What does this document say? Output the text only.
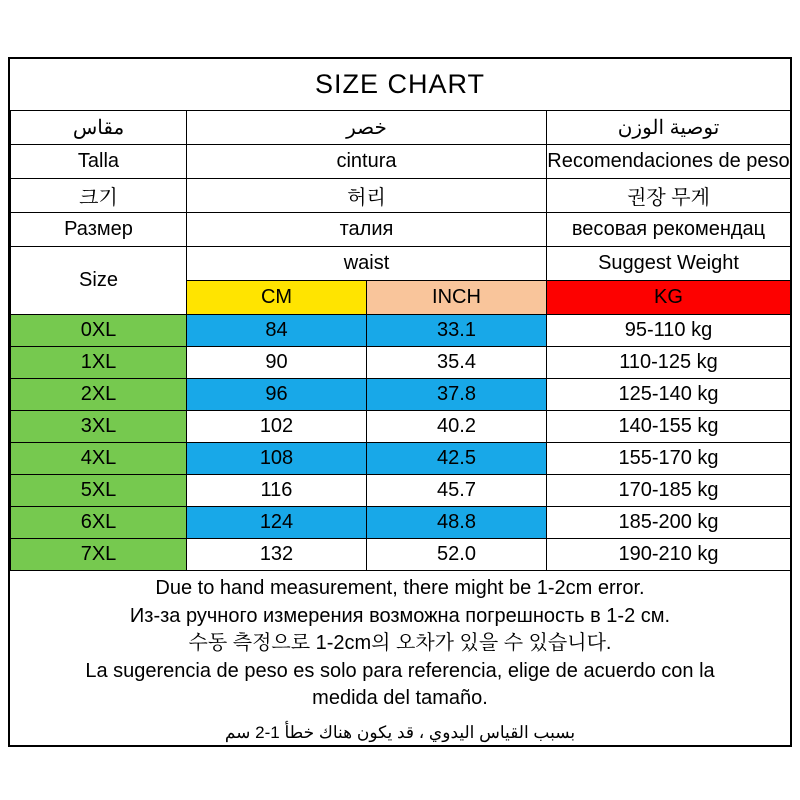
SIZE CHART
مقاس	خصر		توصية الوزن
Talla	cintura		Recomendaciones de peso
크기	허리		권장 무게
Размер	талия		весовая рекомендац
Size	waist		Suggest Weight
	CM	INCH	KG
0XL	84	33.1	95-110 kg
1XL	90	35.4	110-125 kg
2XL	96	37.8	125-140 kg
3XL	102	40.2	140-155 kg
4XL	108	42.5	155-170 kg
5XL	116	45.7	170-185 kg
6XL	124	48.8	185-200 kg
7XL	132	52.0	190-210 kg
Due to hand measurement, there might be 1-2cm error.
Из-за ручного измерения возможна погрешность в 1-2 см.
수동 측정으로 1-2cm의 오차가 있을 수 있습니다.
La sugerencia de peso es solo para referencia, elige de acuerdo con la
medida del tamaño.
بسبب القياس اليدوي ، قد يكون هناك خطأ 1-2 سم
